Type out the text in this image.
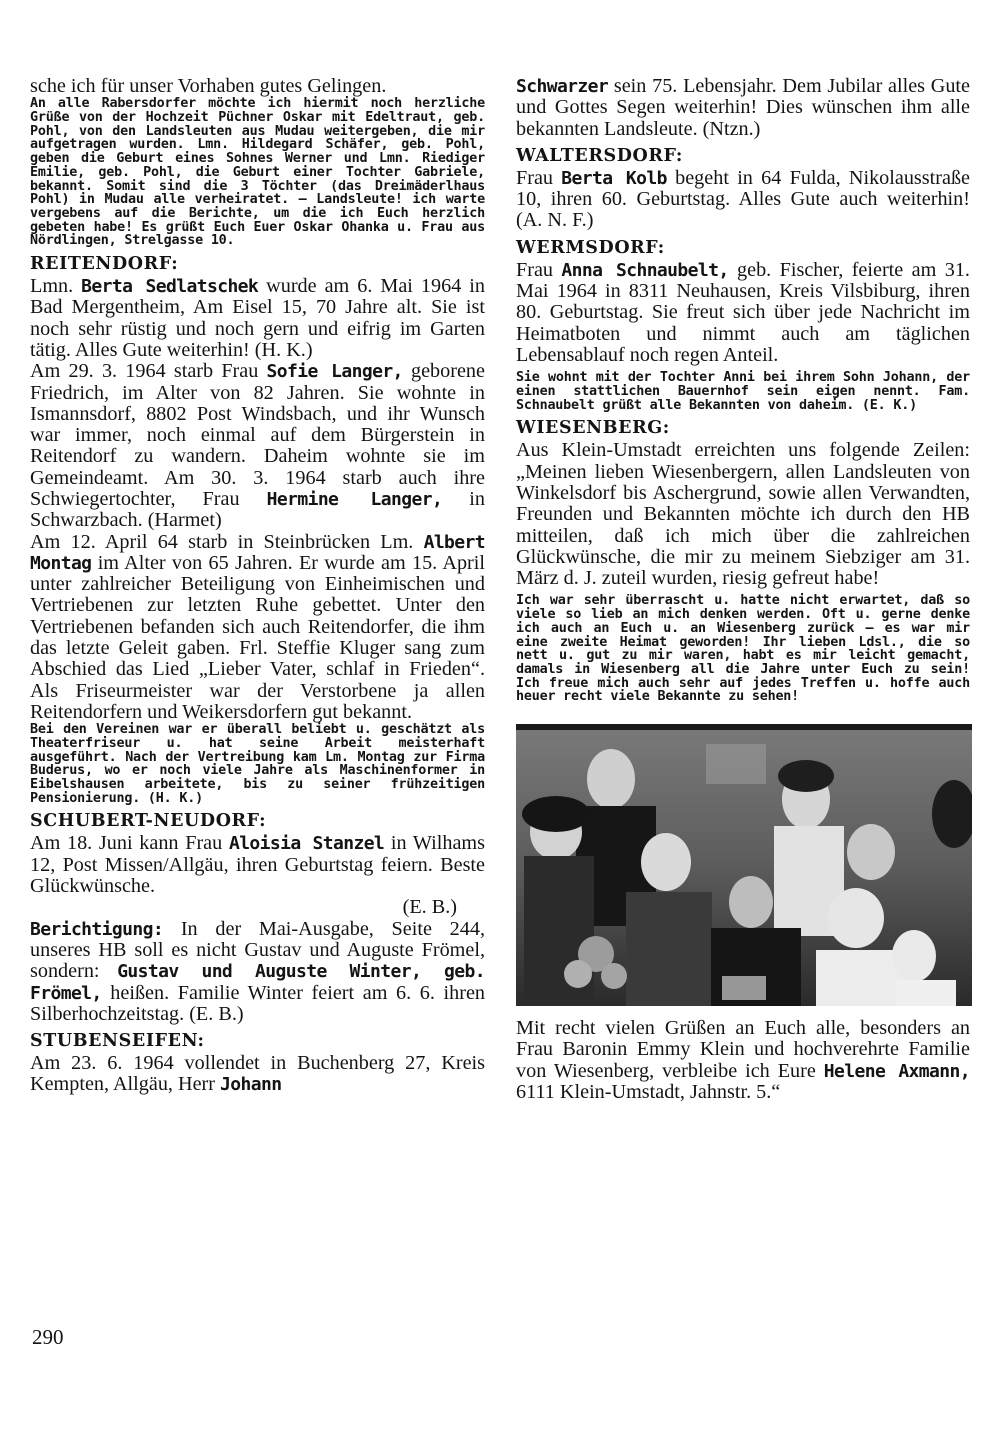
sche ich für unser Vorhaben gutes Gelingen.

An alle Rabersdorfer möchte ich hiermit noch herzliche Grüße von der Hochzeit Püchner Oskar mit Edeltraut, geb. Pohl, von den Landsleuten aus Mudau weitergeben, die mir aufgetragen wurden. Lmn. Hildegard Schäfer, geb. Pohl, geben die Geburt eines Sohnes Werner und Lmn. Riediger Emilie, geb. Pohl, die Geburt einer Tochter Gabriele, bekannt. Somit sind die 3 Töchter (das Dreimäderlhaus Pohl) in Mudau alle verheiratet. — Landsleute! ich warte vergebens auf die Berichte, um die ich Euch herzlich gebeten habe! Es grüßt Euch Euer Oskar Ohanka u. Frau aus Nördlingen, Strelgasse 10.

REITENDORF:

Lmn. Berta Sedlatschek wurde am 6. Mai 1964 in Bad Mergentheim, Am Eisel 15, 70 Jahre alt. Sie ist noch sehr rüstig und noch gern und eifrig im Garten tätig. Alles Gute weiterhin! (H. K.)

Am 29. 3. 1964 starb Frau Sofie Langer, geborene Friedrich, im Alter von 82 Jahren. Sie wohnte in Ismannsdorf, 8802 Post Windsbach, und ihr Wunsch war immer, noch einmal auf dem Bürgerstein in Reitendorf zu wandern. Daheim wohnte sie im Gemeindeamt. Am 30. 3. 1964 starb auch ihre Schwiegertochter, Frau Hermine Langer, in Schwarzbach. (Harmet)

Am 12. April 64 starb in Steinbrücken Lm. Albert Montag im Alter von 65 Jahren. Er wurde am 15. April unter zahlreicher Beteiligung von Einheimischen und Vertriebenen zur letzten Ruhe gebettet. Unter den Vertriebenen befanden sich auch Reitendorfer, die ihm das letzte Geleit gaben. Frl. Steffie Kluger sang zum Abschied das Lied „Lieber Vater, schlaf in Frieden“. Als Friseurmeister war der Verstorbene ja allen Reitendorfern und Weikersdorfern gut bekannt.

Bei den Vereinen war er überall beliebt u. geschätzt als Theaterfriseur u. hat seine Arbeit meisterhaft ausgeführt. Nach der Vertreibung kam Lm. Montag zur Firma Buderus, wo er noch viele Jahre als Maschinenformer in Eibelshausen arbeitete, bis zu seiner frühzeitigen Pensionierung. (H. K.)

SCHUBERT-NEUDORF:

Am 18. Juni kann Frau Aloisia Stanzel in Wilhams 12, Post Missen/Allgäu, ihren Geburtstag feiern. Beste Glückwünsche.

(E. B.)

Berichtigung: In der Mai-Ausgabe, Seite 244, unseres HB soll es nicht Gustav und Auguste Frömel, sondern: Gustav und Auguste Winter, geb. Frömel, heißen. Familie Winter feiert am 6. 6. ihren Silberhochzeitstag. (E. B.)

STUBENSEIFEN:

Am 23. 6. 1964 vollendet in Buchenberg 27, Kreis Kempten, Allgäu, Herr Johann

Schwarzer sein 75. Lebensjahr. Dem Jubilar alles Gute und Gottes Segen weiterhin! Dies wünschen ihm alle bekannten Landsleute. (Ntzn.)

WALTERSDORF:

Frau Berta Kolb begeht in 64 Fulda, Nikolausstraße 10, ihren 60. Geburtstag. Alles Gute auch weiterhin! (A. N. F.)

WERMSDORF:

Frau Anna Schnaubelt, geb. Fischer, feierte am 31. Mai 1964 in 8311 Neuhausen, Kreis Vilsbiburg, ihren 80. Geburtstag. Sie freut sich über jede Nachricht im Heimatboten und nimmt auch am täglichen Lebensablauf noch regen Anteil.

Sie wohnt mit der Tochter Anni bei ihrem Sohn Johann, der einen stattlichen Bauernhof sein eigen nennt. Fam. Schnaubelt grüßt alle Bekannten von daheim. (E. K.)

WIESENBERG:

Aus Klein-Umstadt erreichten uns folgende Zeilen: „Meinen lieben Wiesenbergern, allen Landsleuten von Winkelsdorf bis Aschergrund, sowie allen Verwandten, Freunden und Bekannten möchte ich durch den HB mitteilen, daß ich mich über die zahlreichen Glückwünsche, die mir zu meinem Siebziger am 31. März d. J. zuteil wurden, riesig gefreut habe!

Ich war sehr überrascht u. hatte nicht erwartet, daß so viele so lieb an mich denken werden. Oft u. gerne denke ich auch an Euch u. an Wiesenberg zurück — es war mir eine zweite Heimat geworden! Ihr lieben Ldsl., die so nett u. gut zu mir waren, habt es mir leicht gemacht, damals in Wiesenberg all die Jahre unter Euch zu sein! Ich freue mich auch sehr auf jedes Treffen u. hoffe auch heuer recht viele Bekannte zu sehen!

Mit recht vielen Grüßen an Euch alle, besonders an Frau Baronin Emmy Klein und hochverehrte Familie von Wiesenberg, verbleibe ich Eure Helene Axmann, 6111 Klein-Umstadt, Jahnstr. 5.“

290
